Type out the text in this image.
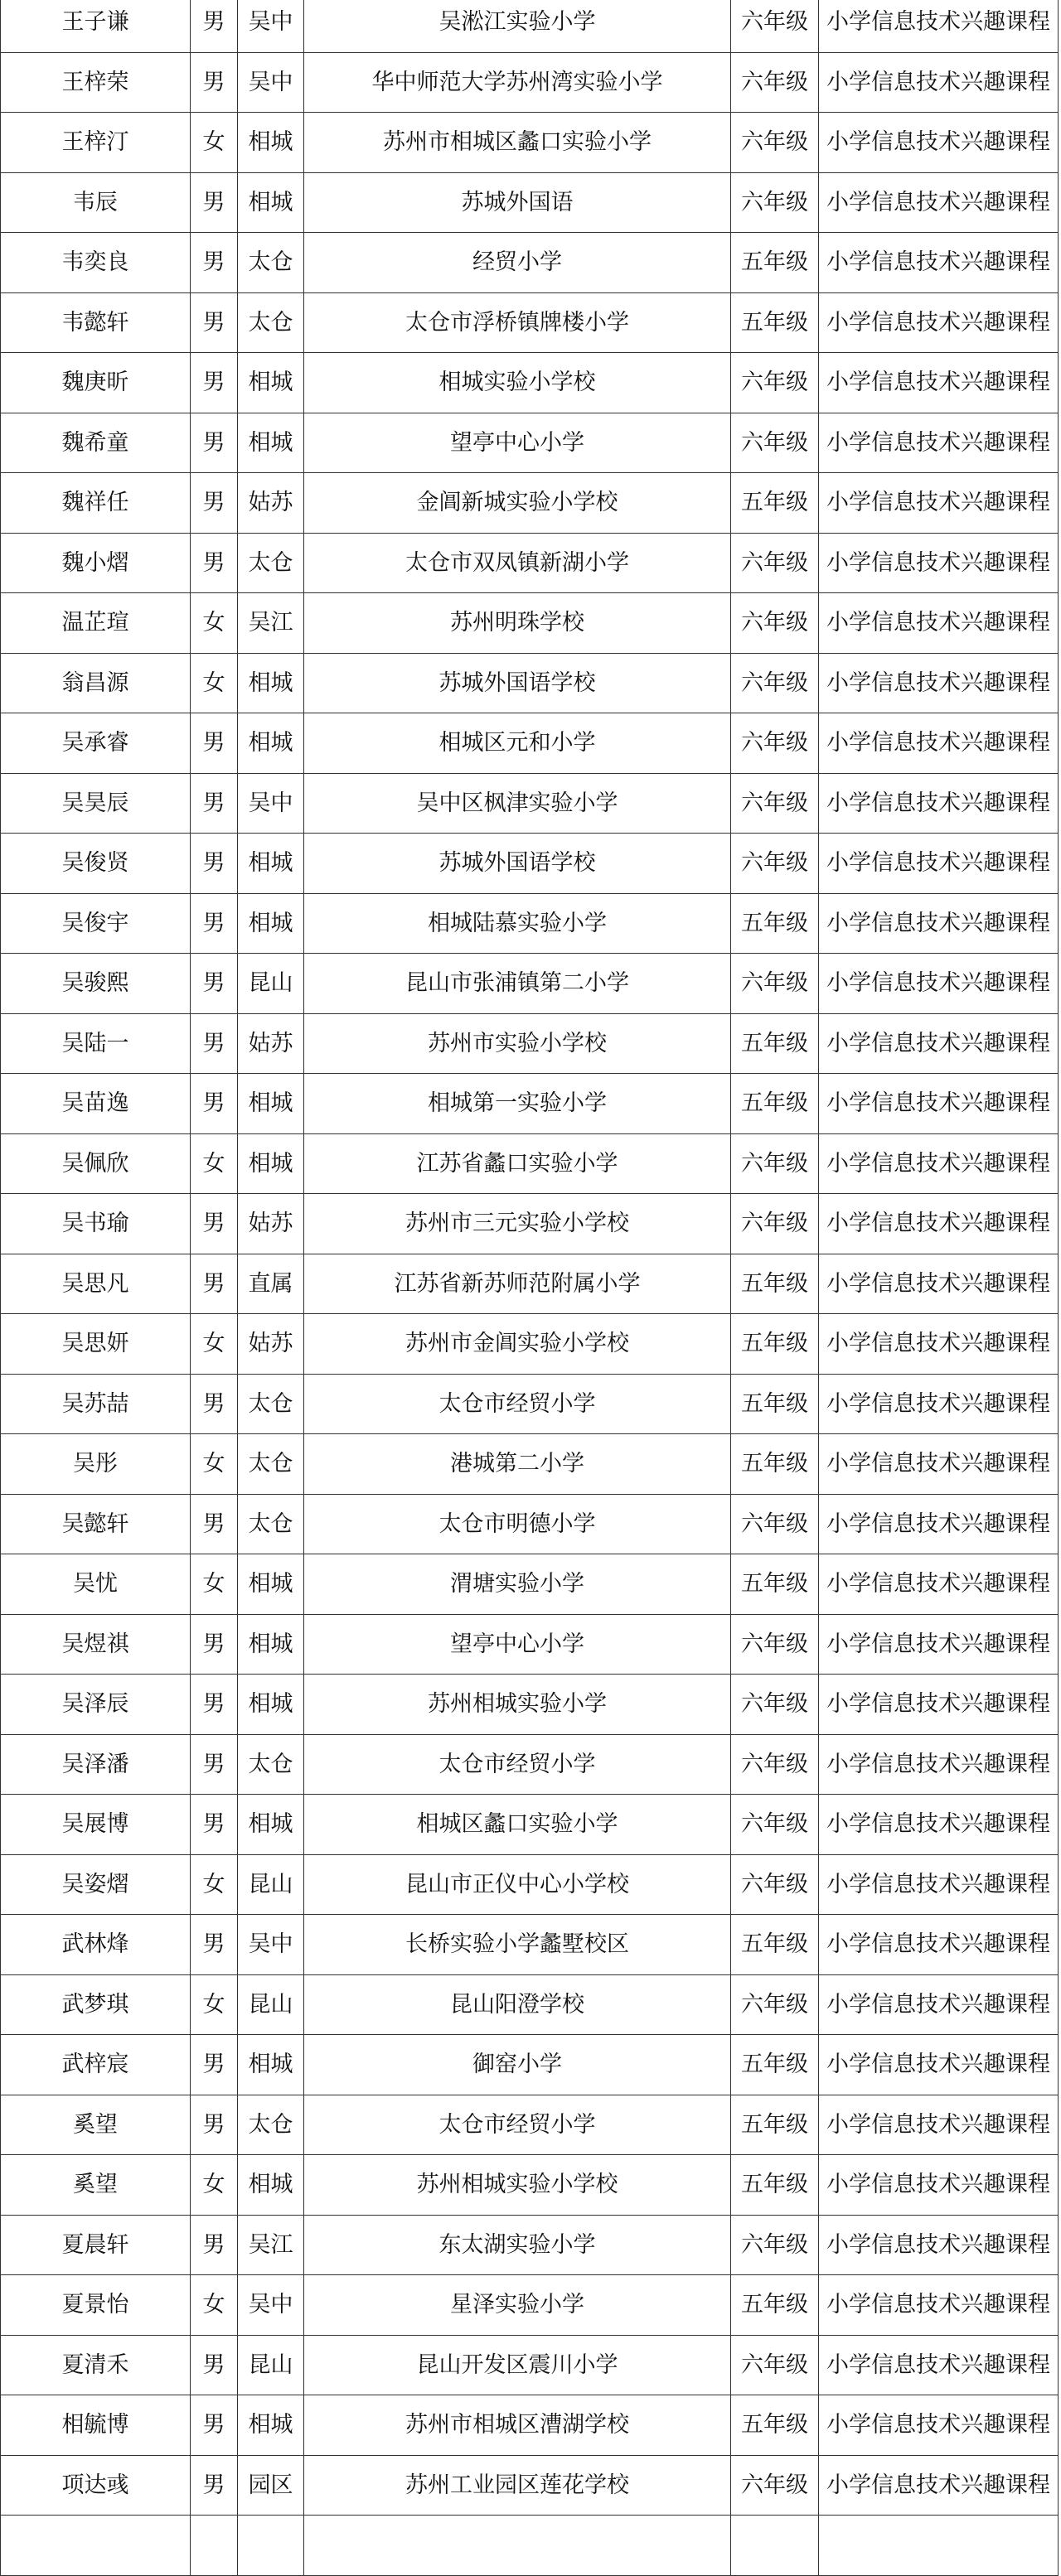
王子谦	男	吴中	吴淞江实验小学	六年级	小学信息技术兴趣课程
王梓荣	男	吴中	华中师范大学苏州湾实验小学	六年级	小学信息技术兴趣课程
王梓汀	女	相城	苏州市相城区蠡口实验小学	六年级	小学信息技术兴趣课程
韦辰	男	相城	苏城外国语	六年级	小学信息技术兴趣课程
韦奕良	男	太仓	经贸小学	五年级	小学信息技术兴趣课程
韦懿轩	男	太仓	太仓市浮桥镇牌楼小学	五年级	小学信息技术兴趣课程
魏庚昕	男	相城	相城实验小学校	六年级	小学信息技术兴趣课程
魏希童	男	相城	望亭中心小学	六年级	小学信息技术兴趣课程
魏祥任	男	姑苏	金阊新城实验小学校	五年级	小学信息技术兴趣课程
魏小熠	男	太仓	太仓市双凤镇新湖小学	六年级	小学信息技术兴趣课程
温芷瑄	女	吴江	苏州明珠学校	六年级	小学信息技术兴趣课程
翁昌源	女	相城	苏城外国语学校	六年级	小学信息技术兴趣课程
吴承睿	男	相城	相城区元和小学	六年级	小学信息技术兴趣课程
吴昊辰	男	吴中	吴中区枫津实验小学	六年级	小学信息技术兴趣课程
吴俊贤	男	相城	苏城外国语学校	六年级	小学信息技术兴趣课程
吴俊宇	男	相城	相城陆慕实验小学	五年级	小学信息技术兴趣课程
吴骏熙	男	昆山	昆山市张浦镇第二小学	六年级	小学信息技术兴趣课程
吴陆一	男	姑苏	苏州市实验小学校	五年级	小学信息技术兴趣课程
吴苗逸	男	相城	相城第一实验小学	五年级	小学信息技术兴趣课程
吴佩欣	女	相城	江苏省蠡口实验小学	六年级	小学信息技术兴趣课程
吴书瑜	男	姑苏	苏州市三元实验小学校	六年级	小学信息技术兴趣课程
吴思凡	男	直属	江苏省新苏师范附属小学	五年级	小学信息技术兴趣课程
吴思妍	女	姑苏	苏州市金阊实验小学校	五年级	小学信息技术兴趣课程
吴苏喆	男	太仓	太仓市经贸小学	五年级	小学信息技术兴趣课程
吴彤	女	太仓	港城第二小学	五年级	小学信息技术兴趣课程
吴懿轩	男	太仓	太仓市明德小学	六年级	小学信息技术兴趣课程
吴忧	女	相城	渭塘实验小学	五年级	小学信息技术兴趣课程
吴煜祺	男	相城	望亭中心小学	六年级	小学信息技术兴趣课程
吴泽辰	男	相城	苏州相城实验小学	六年级	小学信息技术兴趣课程
吴泽潘	男	太仓	太仓市经贸小学	六年级	小学信息技术兴趣课程
吴展博	男	相城	相城区蠡口实验小学	六年级	小学信息技术兴趣课程
吴姿熠	女	昆山	昆山市正仪中心小学校	六年级	小学信息技术兴趣课程
武林烽	男	吴中	长桥实验小学蠡墅校区	五年级	小学信息技术兴趣课程
武梦琪	女	昆山	昆山阳澄学校	六年级	小学信息技术兴趣课程
武梓宸	男	相城	御窑小学	五年级	小学信息技术兴趣课程
奚望	男	太仓	太仓市经贸小学	五年级	小学信息技术兴趣课程
奚望	女	相城	苏州相城实验小学校	五年级	小学信息技术兴趣课程
夏晨轩	男	吴江	东太湖实验小学	六年级	小学信息技术兴趣课程
夏景怡	女	吴中	星泽实验小学	五年级	小学信息技术兴趣课程
夏清禾	男	昆山	昆山开发区震川小学	六年级	小学信息技术兴趣课程
相毓博	男	相城	苏州市相城区漕湖学校	五年级	小学信息技术兴趣课程
项达彧	男	园区	苏州工业园区莲花学校	六年级	小学信息技术兴趣课程
